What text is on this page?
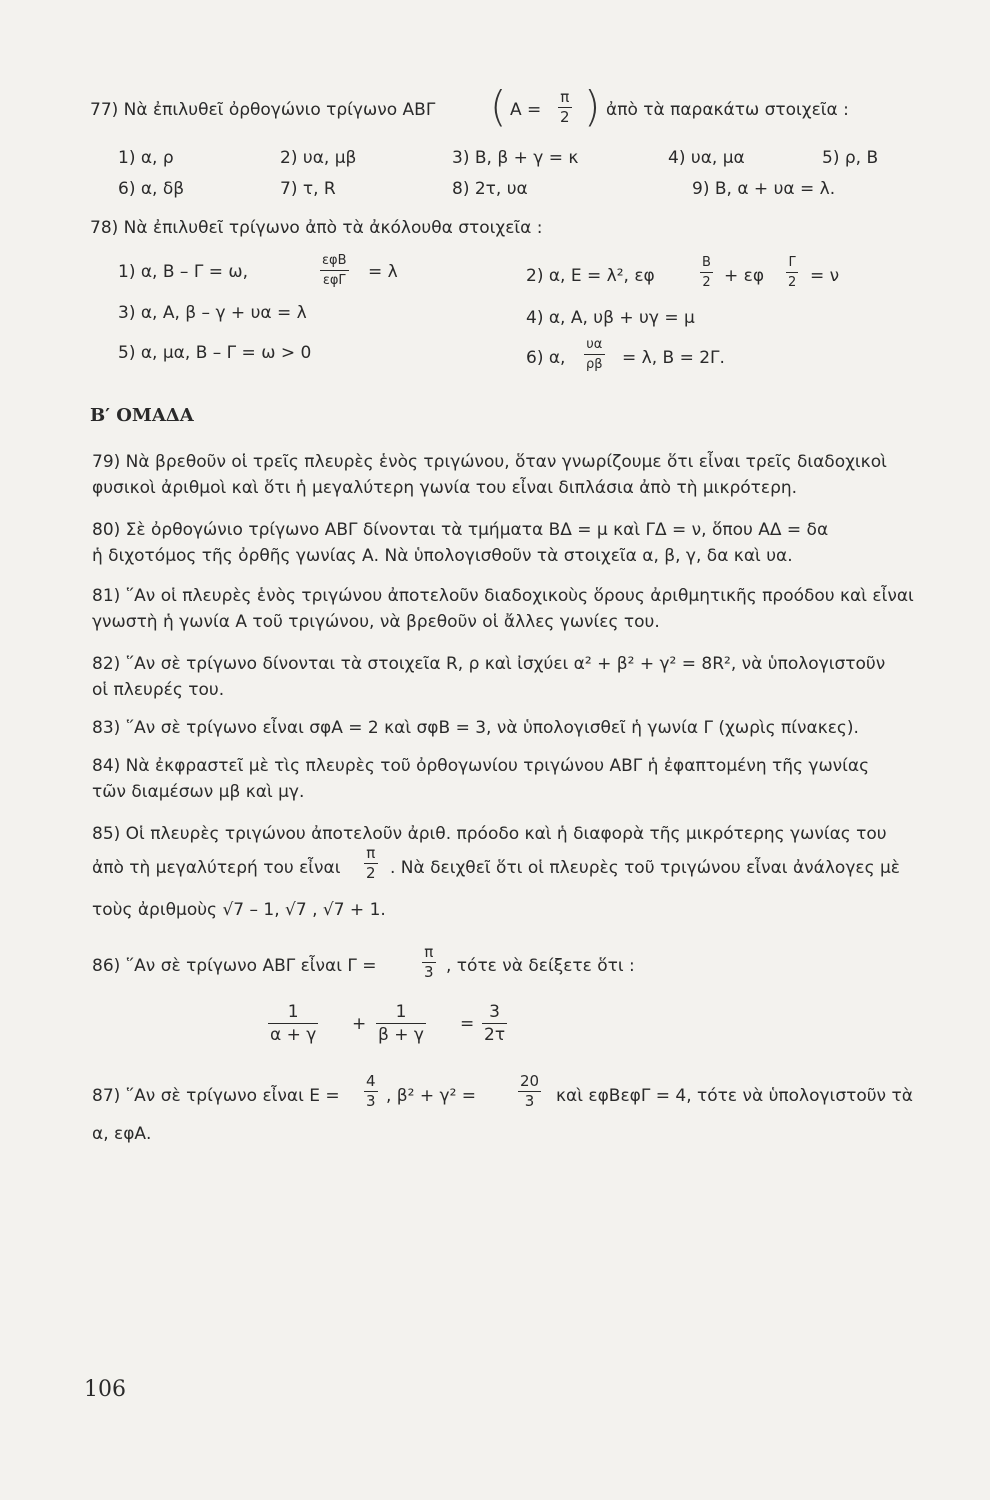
77) Νὰ ἐπιλυθεῖ ὀρθογώνιο τρίγωνο ΑΒΓ ( Α =
π
2 ) ἀπὸ τὰ παρακάτω στοιχεῖα :
1) α, ρ	2) υα, μβ	3) Β, β + γ = κ	4) υα, μα	5) ρ, Β
6) α, δβ	7) τ, R	8) 2τ, υα	9) Β, α + υα = λ.
78) Νὰ ἐπιλυθεῖ τρίγωνο ἀπὸ τὰ ἀκόλουθα στοιχεῖα :
1) α, Β – Γ = ω,
εφΒ
εφΓ = λ	2) α, Ε = λ², εφ
Β
2 + εφ
Γ
2 = ν
3) α, Α, β – γ + υα = λ	4) α, Α, υβ + υγ = μ
5) α, μα, Β – Γ = ω > 0	6) α,
υα
ρβ = λ, Β = 2Γ.
Β′ ΟΜΑΔΑ
79) Νὰ βρεθοῦν οἱ τρεῖς πλευρὲς ἑνὸς τριγώνου, ὅταν γνωρίζουμε ὅτι εἶναι τρεῖς διαδοχικοὶ
φυσικοὶ ἀριθμοὶ καὶ ὅτι ἡ μεγαλύτερη γωνία του εἶναι διπλάσια ἀπὸ τὴ μικρότερη.
80) Σὲ ὀρθογώνιο τρίγωνο ΑΒΓ δίνονται τὰ τμήματα ΒΔ = μ καὶ ΓΔ = ν, ὅπου ΑΔ = δα
ἡ διχοτόμος τῆς ὀρθῆς γωνίας Α. Νὰ ὑπολογισθοῦν τὰ στοιχεῖα α, β, γ, δα καὶ υα.
81) ῞Αν οἱ πλευρὲς ἑνὸς τριγώνου ἀποτελοῦν διαδοχικοὺς ὅρους ἀριθμητικῆς προόδου καὶ εἶναι
γνωστὴ ἡ γωνία Α τοῦ τριγώνου, νὰ βρεθοῦν οἱ ἄλλες γωνίες του.
82) ῞Αν σὲ τρίγωνο δίνονται τὰ στοιχεῖα R, ρ καὶ ἰσχύει α² + β² + γ² = 8R², νὰ ὑπολογιστοῦν
οἱ πλευρές του.
83) ῞Αν σὲ τρίγωνο εἶναι σφΑ = 2 καὶ σφΒ = 3, νὰ ὑπολογισθεῖ ἡ γωνία Γ (χωρὶς πίνακες).
84) Νὰ ἐκφραστεῖ μὲ τὶς πλευρὲς τοῦ ὀρθογωνίου τριγώνου ΑΒΓ ἡ ἐφαπτομένη τῆς γωνίας
τῶν διαμέσων μβ καὶ μγ.
85) Οἱ πλευρὲς τριγώνου ἀποτελοῦν ἀριθ. πρόοδο καὶ ἡ διαφορὰ τῆς μικρότερης γωνίας του
ἀπὸ τὴ μεγαλύτερή του εἶναι
π
2 . Νὰ δειχθεῖ ὅτι οἱ πλευρὲς τοῦ τριγώνου εἶναι ἀνάλογες μὲ
τοὺς ἀριθμοὺς √7 – 1, √7 , √7 + 1.
86) ῞Αν σὲ τρίγωνο ΑΒΓ εἶναι Γ =
π
3 , τότε νὰ δείξετε ὅτι :
1
α + γ
+
1
β + γ
=
3
2τ
87) ῞Αν σὲ τρίγωνο εἶναι Ε =
4
3 , β² + γ² =
20
3 καὶ εφΒεφΓ = 4, τότε νὰ ὑπολογιστοῦν τὰ
α, εφΑ.
106
